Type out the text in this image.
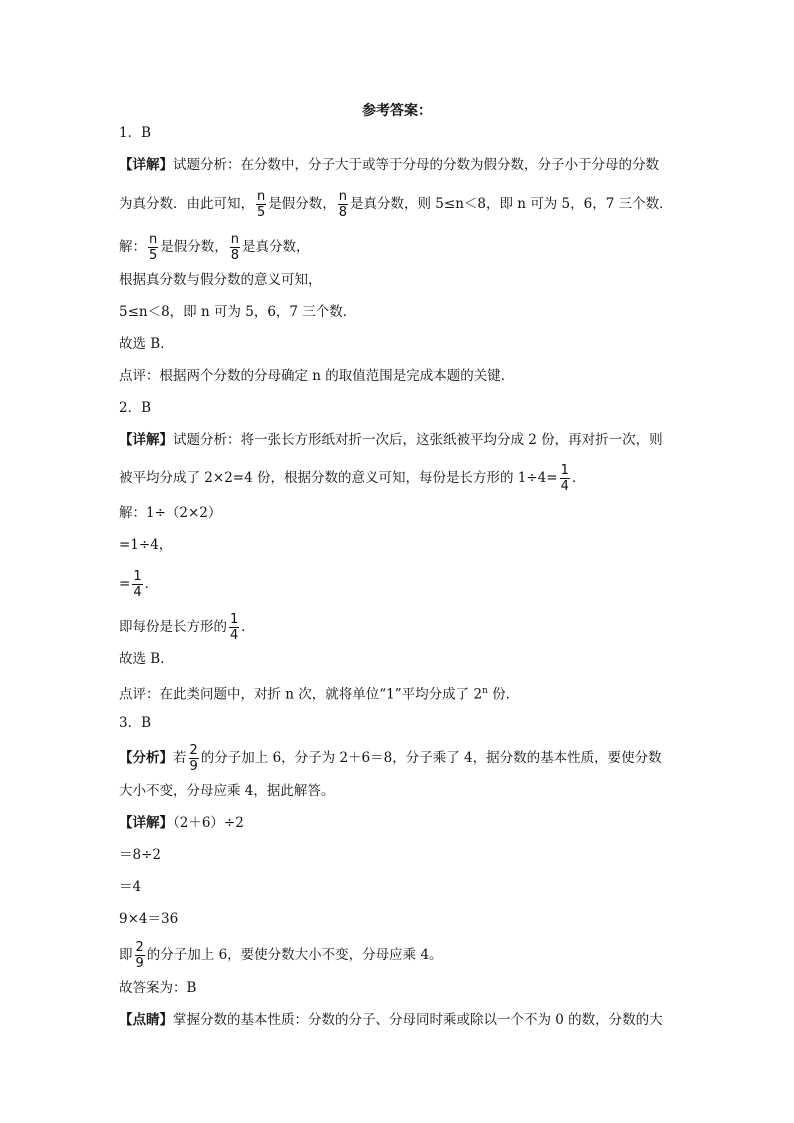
参考答案：
1．B
【详解】试题分析：在分数中，分子大于或等于分母的分数为假分数，分子小于分母的分数
为真分数．由此可知， $\frac{n}{5}$ 是假分数， $\frac{n}{8}$ 是真分数，则 5≤n＜8，即 n 可为 5，6，7 三个数．
解： $\frac{n}{5}$ 是假分数， $\frac{n}{8}$ 是真分数，
根据真分数与假分数的意义可知，
5≤n＜8，即 n 可为 5，6，7 三个数．
故选 B．
点评：根据两个分数的分母确定 n 的取值范围是完成本题的关键．
2．B
【详解】试题分析：将一张长方形纸对折一次后，这张纸被平均分成 2 份，再对折一次，则
被平均分成了 2×2=4 份，根据分数的意义可知，每份是长方形的 $1\div 4= \frac{1}{4}$ ．
解：1÷（2×2）
=1÷4，
= $\frac{1}{4}$ ．
即每份是长方形的 $\frac{1}{4}$ ．
故选 B．
点评：在此类问题中，对折 n 次，就将单位“1”平均分成了 2$^n$ 份．
3．B
【分析】若 $\frac{2}{9}$ 的分子加上 6，分子为 2＋6＝8，分子乘了 4，据分数的基本性质，要使分数
大小不变，分母应乘 4，据此解答。
【详解】（2＋6）÷2
＝8÷2
＝4
9×4＝36
即 $\frac{2}{9}$ 的分子加上 6，要使分数大小不变，分母应乘 4。
故答案为：B
【点睛】掌握分数的基本性质：分数的分子、分母同时乘或除以一个不为 0 的数，分数的大
